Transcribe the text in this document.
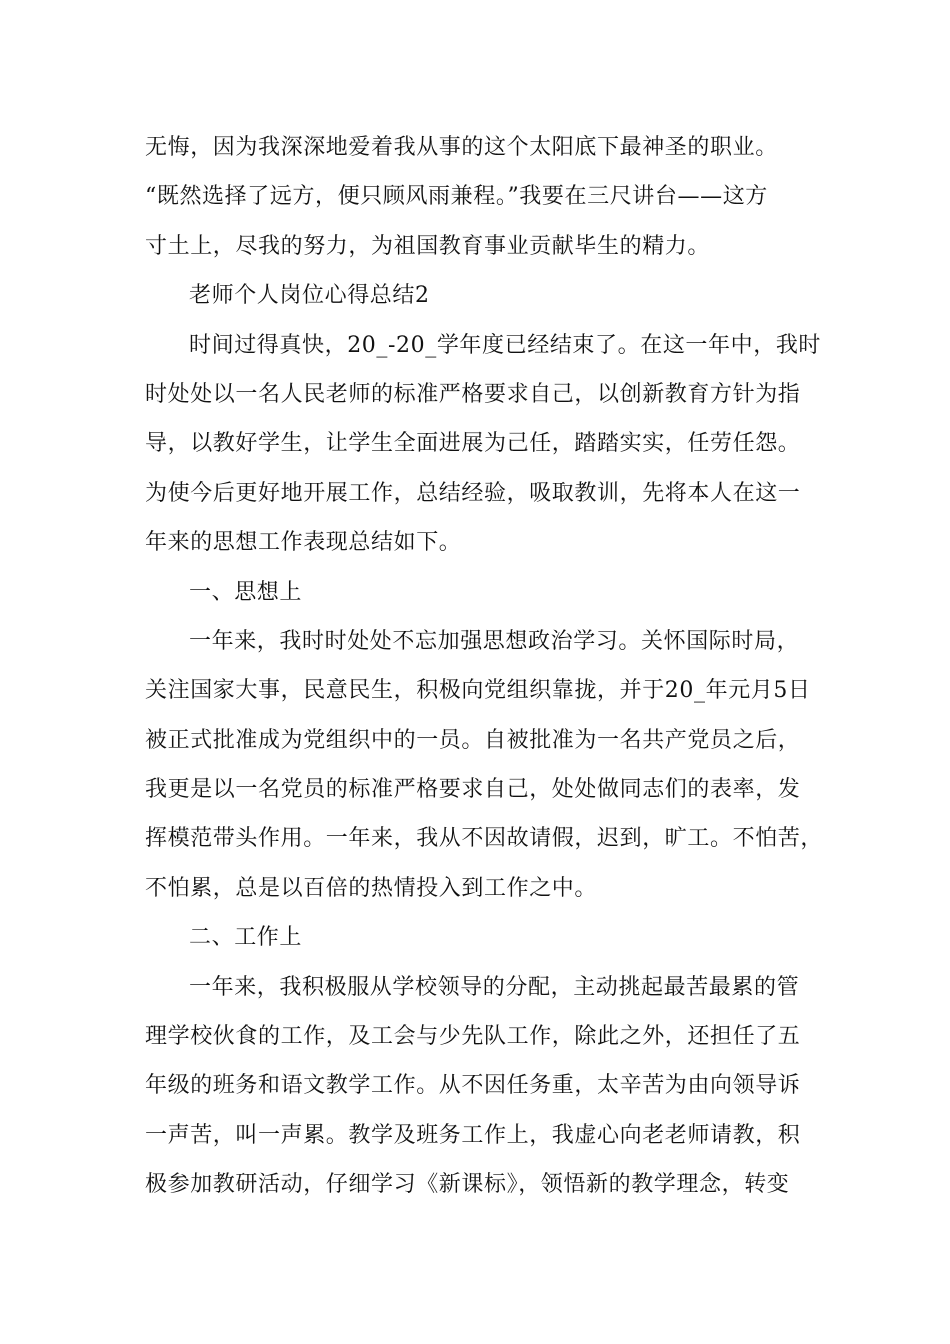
无悔，因为我深深地爱着我从事的这个太阳底下最神圣的职业。
“既然选择了远方，便只顾风雨兼程。”我要在三尺讲台——这方
寸土上，尽我的努力，为祖国教育事业贡献毕生的精力。
老师个人岗位心得总结2
时间过得真快，20_-20_学年度已经结束了。在这一年中，我时
时处处以一名人民老师的标准严格要求自己，以创新教育方针为指
导，以教好学生，让学生全面进展为己任，踏踏实实，任劳任怨。
为使今后更好地开展工作，总结经验，吸取教训，先将本人在这一
年来的思想工作表现总结如下。
一、思想上
一年来，我时时处处不忘加强思想政治学习。关怀国际时局，
关注国家大事，民意民生，积极向党组织靠拢，并于20_年元月5日
被正式批准成为党组织中的一员。自被批准为一名共产党员之后，
我更是以一名党员的标准严格要求自己，处处做同志们的表率，发
挥模范带头作用。一年来，我从不因故请假，迟到，旷工。不怕苦，
不怕累，总是以百倍的热情投入到工作之中。
二、工作上
一年来，我积极服从学校领导的分配，主动挑起最苦最累的管
理学校伙食的工作，及工会与少先队工作，除此之外，还担任了五
年级的班务和语文教学工作。从不因任务重，太辛苦为由向领导诉
一声苦，叫一声累。教学及班务工作上，我虚心向老老师请教，积
极参加教研活动，仔细学习《新课标》，领悟新的教学理念，转变
